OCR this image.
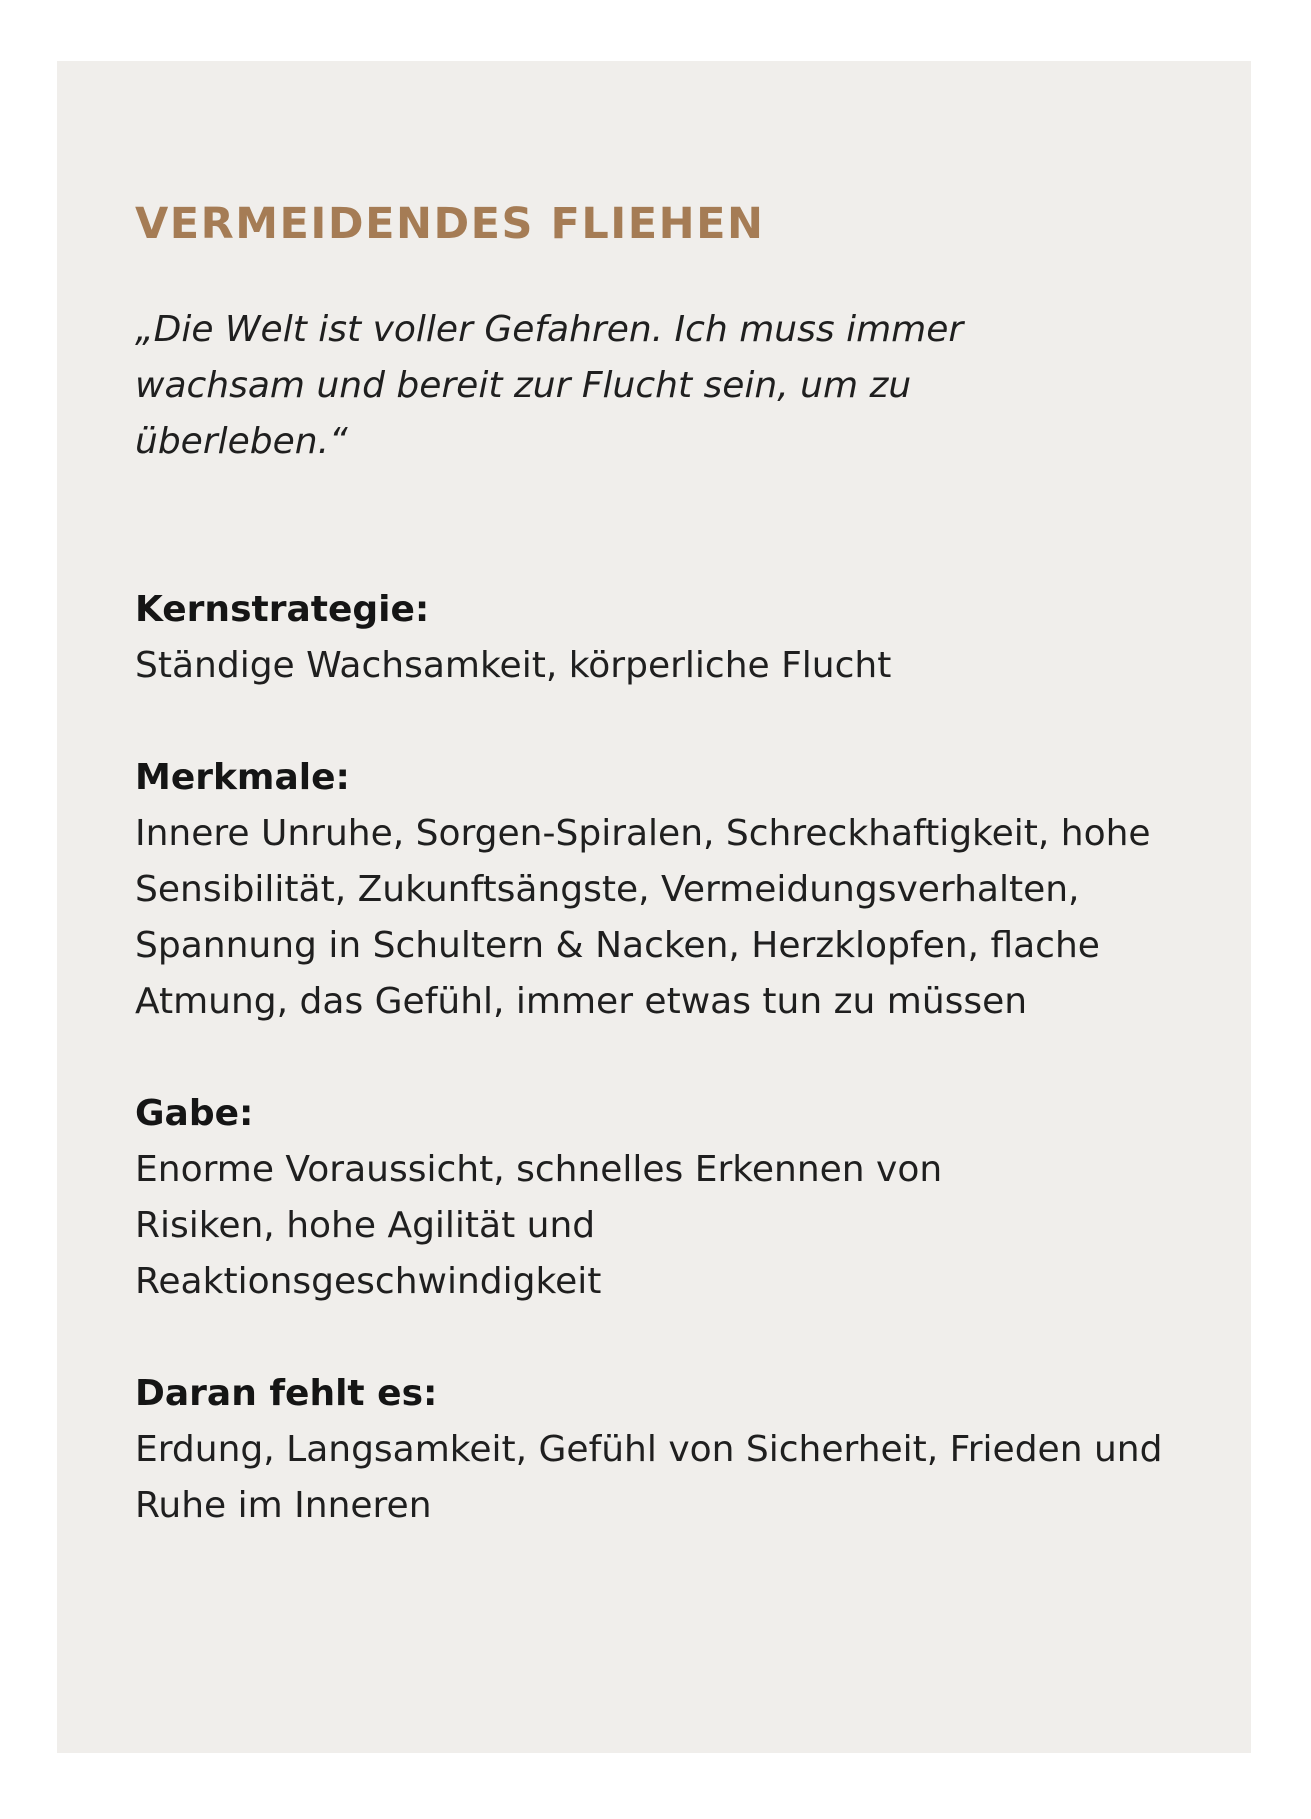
VERMEIDENDES FLIEHEN

„Die Welt ist voller Gefahren. Ich muss immer wachsam und bereit zur Flucht sein, um zu überleben.“

Kernstrategie:
Ständige Wachsamkeit, körperliche Flucht
Merkmale:
Innere Unruhe, Sorgen-Spiralen, Schreckhaftigkeit, hohe Sensibilität, Zukunftsängste, Vermeidungsverhalten, Spannung in Schultern & Nacken, Herzklopfen, flache Atmung, das Gefühl, immer etwas tun zu müssen
Gabe:
Enorme Voraussicht, schnelles Erkennen von Risiken, hohe Agilität und Reaktionsgeschwindigkeit
Daran fehlt es:
Erdung, Langsamkeit, Gefühl von Sicherheit, Frieden und Ruhe im Inneren
